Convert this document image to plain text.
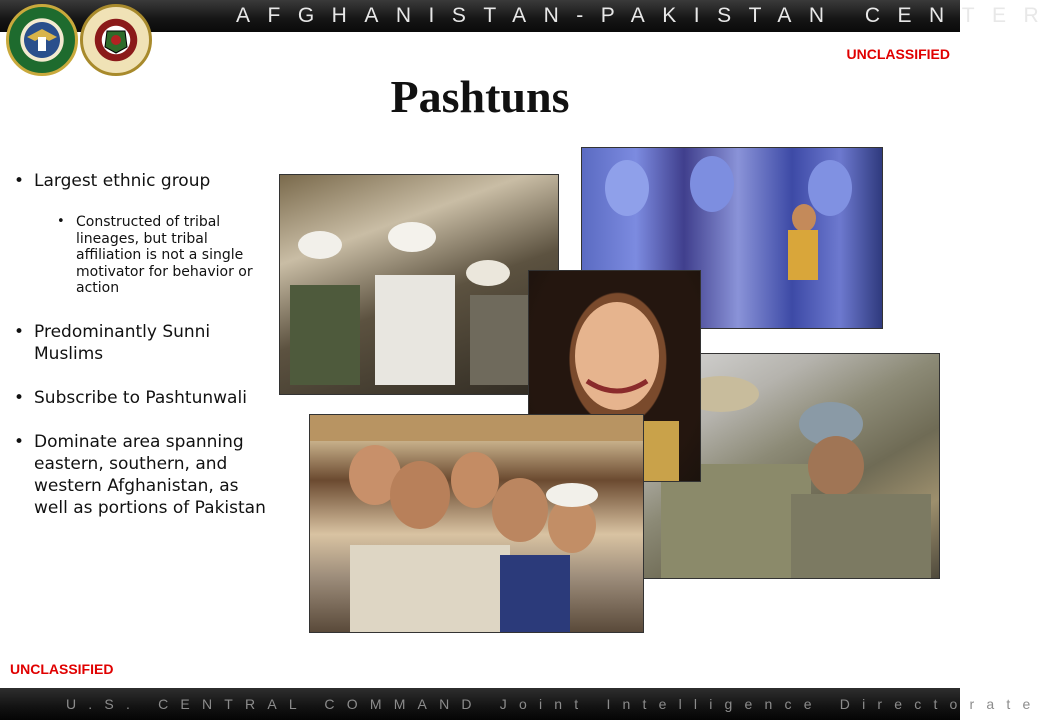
AFGHANISTAN-PAKISTAN CENTER
UNCLASSIFIED
Pashtuns
• Largest ethnic group
• Constructed of tribal lineages, but tribal affiliation is not a single motivator for behavior or action
• Predominantly Sunni Muslims
• Subscribe to Pashtunwali
• Dominate area spanning eastern, southern, and western Afghanistan, as well as portions of Pakistan
UNCLASSIFIED
U.S. CENTRAL COMMAND Joint Intelligence Directorate
